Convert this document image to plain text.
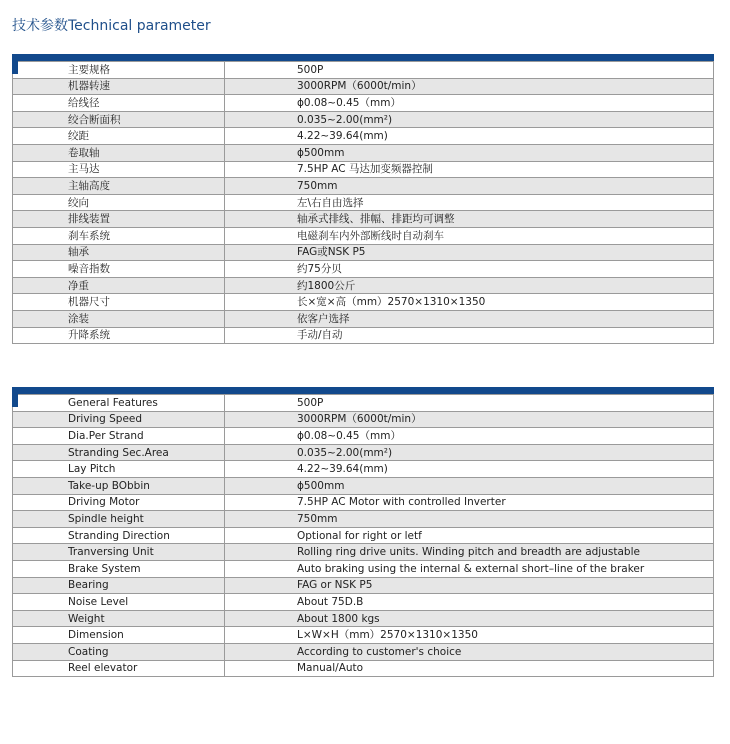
技术参数Technical parameter
主要规格	500P
机器转速	3000RPM（6000t/min）
给线径	ϕ0.08~0.45（mm）
绞合断面积	0.035~2.00(mm²)
绞距	4.22~39.64(mm)
卷取轴	ϕ500mm
主马达	7.5HP AC 马达加变频器控制
主轴高度	750mm
绞向	左\右自由选择
排线装置	轴承式排线、排幅、排距均可调整
刹车系统	电磁刹车内外部断线时自动刹车
轴承	FAG或NSK P5
噪音指数	约75分贝
净重	约1800公斤
机器尺寸	长×宽×高（mm）2570×1310×1350
涂装	依客户选择
升降系统	手动/自动
General Features	500P
Driving Speed	3000RPM（6000t/min）
Dia.Per Strand	ϕ0.08~0.45（mm）
Stranding Sec.Area	0.035~2.00(mm²)
Lay Pitch	4.22~39.64(mm)
Take-up BObbin	ϕ500mm
Driving Motor	7.5HP AC Motor with controlled Inverter
Spindle height	750mm
Stranding Direction	Optional for right or letf
Tranversing Unit	Rolling ring drive units. Winding pitch and breadth are adjustable
Brake System	Auto braking using the internal & external short–line of the braker
Bearing	FAG or NSK P5
Noise Level	About 75D.B
Weight	About 1800 kgs
Dimension	L×W×H（mm）2570×1310×1350
Coating	According to customer's choice
Reel elevator	Manual/Auto
